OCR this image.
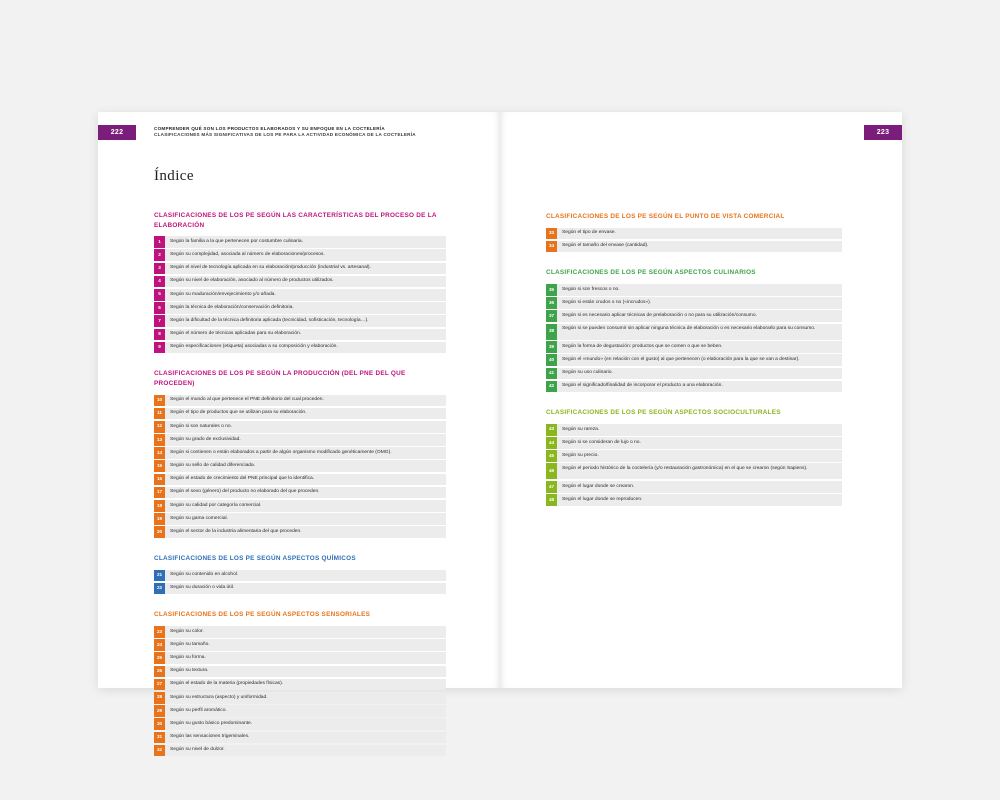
222
COMPRENDER QUÉ SON LOS PRODUCTOS ELABORADOS Y SU ENFOQUE EN LA COCTELERÍA
CLASIFICACIONES MÁS SIGNIFICATIVAS DE LOS PE PARA LA ACTIVIDAD ECONÓMICA DE LA COCTELERÍA
Índice
CLASIFICACIONES DE LOS PE SEGÚN LAS CARACTERÍSTICAS DEL PROCESO DE LA ELABORACIÓN
1	Según la familia a la que pertenecen por costumbre culinaria.
2	Según su complejidad, asociada al número de elaboraciones/procesos.
3	Según el nivel de tecnología aplicada en su elaboración/producción (industrial vs. artesanal).
4	Según su nivel de elaboración, asociado al número de productos utilizados.
5	Según su maduración/envejecimiento y/o añada.
6	Según la técnica de elaboración/conservación definitoria.
7	Según la dificultad de la técnica definitoria aplicada (tecnicidad, sofisticación, tecnología…).
8	Según el número de técnicas aplicadas para su elaboración.
9	Según especificaciones (etiqueta) asociadas a su composición y elaboración.
CLASIFICACIONES DE LOS PE SEGÚN LA PRODUCCIÓN (DEL PNE DEL QUE PROCEDEN)
10	Según el mundo al que pertenece el PNE definitorio del cual proceden.
11	Según el tipo de productos que se utilizan para su elaboración.
12	Según si son naturales o no.
13	Según su grado de exclusividad.
14	Según si contienen o están elaborados a partir de algún organismo modificado genéticamente (OMG).
15	Según su sello de calidad diferenciada.
16	Según el estado de crecimiento del PNE principal que lo identifica.
17	Según el sexo (género) del producto no elaborado del que proceden.
18	Según su calidad por categoría comercial.
19	Según su gama comercial.
20	Según el sector de la industria alimentaria del que proceden.
CLASIFICACIONES DE LOS PE SEGÚN ASPECTOS QUÍMICOS
21	Según su contenido en alcohol.
22	Según su duración o vida útil.
CLASIFICACIONES DE LOS PE SEGÚN ASPECTOS SENSORIALES
23	Según su color.
24	Según su tamaño.
25	Según su forma.
26	Según su textura.
27	Según el estado de la materia (propiedades físicas).
28	Según su estructura (aspecto) y uniformidad.
29	Según su perfil aromático.
30	Según su gusto básico predominante.
31	Según las sensaciones trigeminales.
32	Según su nivel de dulzor.
223
CLASIFICACIONES DE LOS PE SEGÚN EL PUNTO DE VISTA COMERCIAL
33	Según el tipo de envase.
34	Según el tamaño del envase (cantidad).
CLASIFICACIONES DE LOS PE SEGÚN ASPECTOS CULINARIOS
35	Según si son frescos o no.
36	Según si están crudos o no («incrudos»).
37	Según si es necesario aplicar técnicas de prelaboración o no para su utilización/consumo.
38	Según si se pueden consumir sin aplicar ninguna técnica de elaboración o es necesario elaborarlo para su consumo.
39	Según la forma de degustación: productos que se comen o que se beben.
40	Según el «mundo» (en relación con el gusto) al que pertenecen (o elaboración para la que se van a destinar).
41	Según su uso culinario.
42	Según el significado/finalidad de incorporar el producto a una elaboración.
CLASIFICACIONES DE LOS PE SEGÚN ASPECTOS SOCIOCULTURALES
43	Según su rareza.
44	Según si se consideran de lujo o no.
45	Según su precio.
46	Según el periodo histórico de la coctelería (y/o restauración gastronómica) en el que se crearon (según Sapiens).
47	Según el lugar donde se crearon.
48	Según el lugar donde se reproducen.
